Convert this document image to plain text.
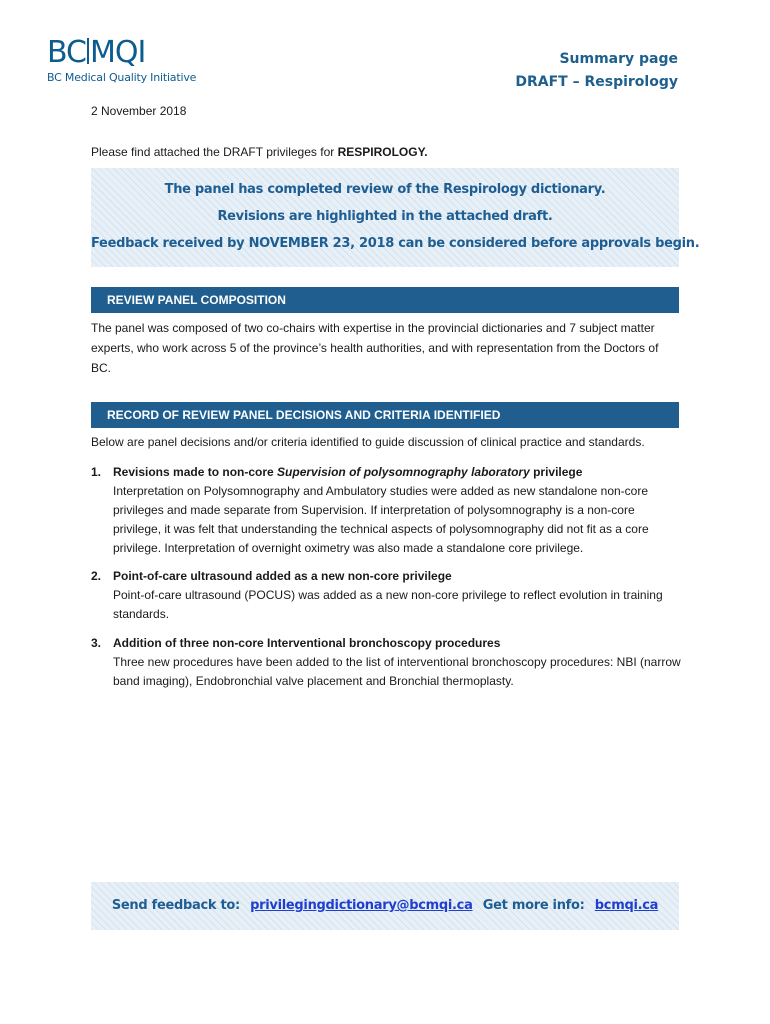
BC MQI
BC Medical Quality Initiative
Summary page
DRAFT – Respirology
2 November 2018
Please find attached the DRAFT privileges for RESPIROLOGY.
The panel has completed review of the Respirology dictionary.
Revisions are highlighted in the attached draft.
Feedback received by NOVEMBER 23, 2018 can be considered before approvals begin.
REVIEW PANEL COMPOSITION
The panel was composed of two co-chairs with expertise in the provincial dictionaries and 7 subject matter experts, who work across 5 of the province’s health authorities, and with representation from the Doctors of BC.
RECORD OF REVIEW PANEL DECISIONS AND CRITERIA IDENTIFIED
Below are panel decisions and/or criteria identified to guide discussion of clinical practice and standards.
1. Revisions made to non-core Supervision of polysomnography laboratory privilege
Interpretation on Polysomnography and Ambulatory studies were added as new standalone non-core privileges and made separate from Supervision. If interpretation of polysomnography is a non-core privilege, it was felt that understanding the technical aspects of polysomnography did not fit as a core privilege. Interpretation of overnight oximetry was also made a standalone core privilege.
2. Point-of-care ultrasound added as a new non-core privilege
Point-of-care ultrasound (POCUS) was added as a new non-core privilege to reflect evolution in training standards.
3. Addition of three non-core Interventional bronchoscopy procedures
Three new procedures have been added to the list of interventional bronchoscopy procedures: NBI (narrow band imaging), Endobronchial valve placement and Bronchial thermoplasty.
Send feedback to: privilegingdictionary@bcmqi.ca Get more info: bcmqi.ca
